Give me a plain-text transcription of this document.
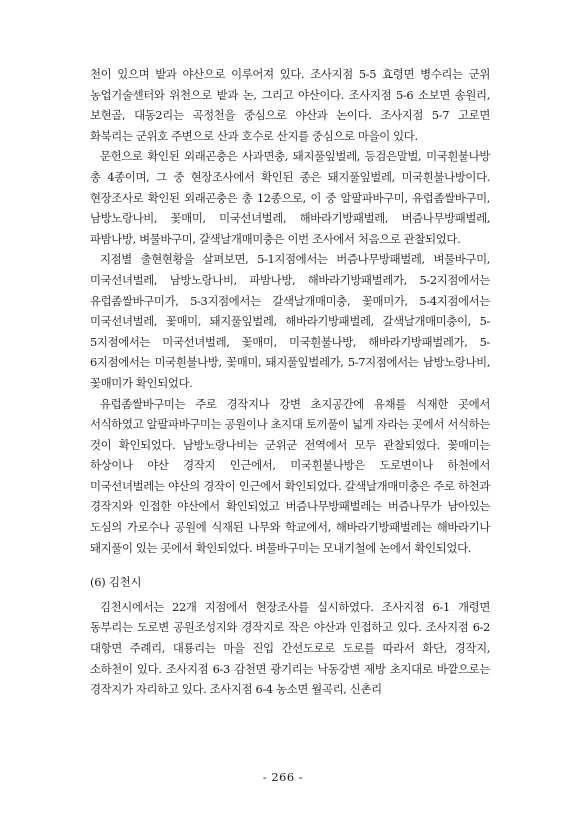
천이 있으며 밭과 야산으로 이루어져 있다. 조사지점 5-5 효령면 병수리는 군위 농업기술센터와 위천으로 밭과 논, 그리고 야산이다. 조사지점 5-6 소보면 송원리, 보현골, 대동2리는 곡정천을 중심으로 야산과 논이다. 조사지점 5-7 고로면 화북리는 군위호 주변으로 산과 호수로 산지를 중심으로 마을이 있다.

문헌으로 확인된 외래곤충은 사과면충, 돼지풀잎벌레, 등검은말벌, 미국흰불나방 총 4종이며, 그 중 현장조사에서 확인된 종은 돼지풀잎벌레, 미국흰불나방이다. 현장조사로 확인된 외래곤충은 총 12종으로, 이 중 알팔파바구미, 유럽좀쌀바구미, 남방노랑나비, 꽃매미, 미국선녀벌레, 해바라기방패벌레, 버즘나무방패벌레, 파밤나방, 벼물바구미, 갈색날개매미충은 이번 조사에서 처음으로 관찰되었다.

지점별 출현현황을 살펴보면, 5-1지점에서는 버즘나무방패벌레, 벼물바구미, 미국선녀벌레, 남방노랑나비, 파밤나방, 해바라기방패벌레가, 5-2지점에서는 유럽좀쌀바구미가, 5-3지점에서는 갈색날개매미충, 꽃매미가, 5-4지점에서는 미국선녀벌레, 꽃매미, 돼지풀잎벌레, 해바라기방패벌레, 갈색날개매미충이, 5-5지점에서는 미국선녀벌레, 꽃매미, 미국흰불나방, 해바라기방패벌레가, 5-6지점에서는 미국흰불나방, 꽃매미, 돼지풀잎벌레가, 5-7지점에서는 남방노랑나비, 꽃매미가 확인되었다.

유럽좀쌀바구미는 주로 경작지나 강변 초지공간에 유채를 식재한 곳에서 서식하였고 알팔파바구미는 공원이나 초지대 토끼풀이 넓게 자라는 곳에서 서식하는 것이 확인되었다. 남방노랑나비는 군위군 전역에서 모두 관찰되었다. 꽃매미는 하상이나 야산 경작지 인근에서, 미국흰불나방은 도로변이나 하천에서 미국선녀벌레는 야산의 경작이 인근에서 확인되었다. 갈색날개매미충은 주로 하천과 경작지와 인접한 야산에서 확인되었고 버즘나무방패벌레는 버즘나무가 남아있는 도심의 가로수나 공원에 식재된 나무와 학교에서, 해바라기방패벌레는 해바라기나 돼지풀이 있는 곳에서 확인되었다. 벼물바구미는 모내기철에 논에서 확인되었다.

(6) 김천시

김천시에서는 22개 지점에서 현장조사를 실시하였다. 조사지점 6-1 개령면 동부리는 도로변 공원조성지와 경작지로 작은 야산과 인접하고 있다. 조사지점 6-2 대항면 주례리, 대룡리는 마을 진입 간선도로로 도로를 따라서 화단, 경작지, 소하천이 있다. 조사지점 6-3 감천면 광기리는 낙동강변 제방 초지대로 바깥으로는 경작지가 자리하고 있다. 조사지점 6-4 농소면 월곡리, 신촌리

- 266 -
